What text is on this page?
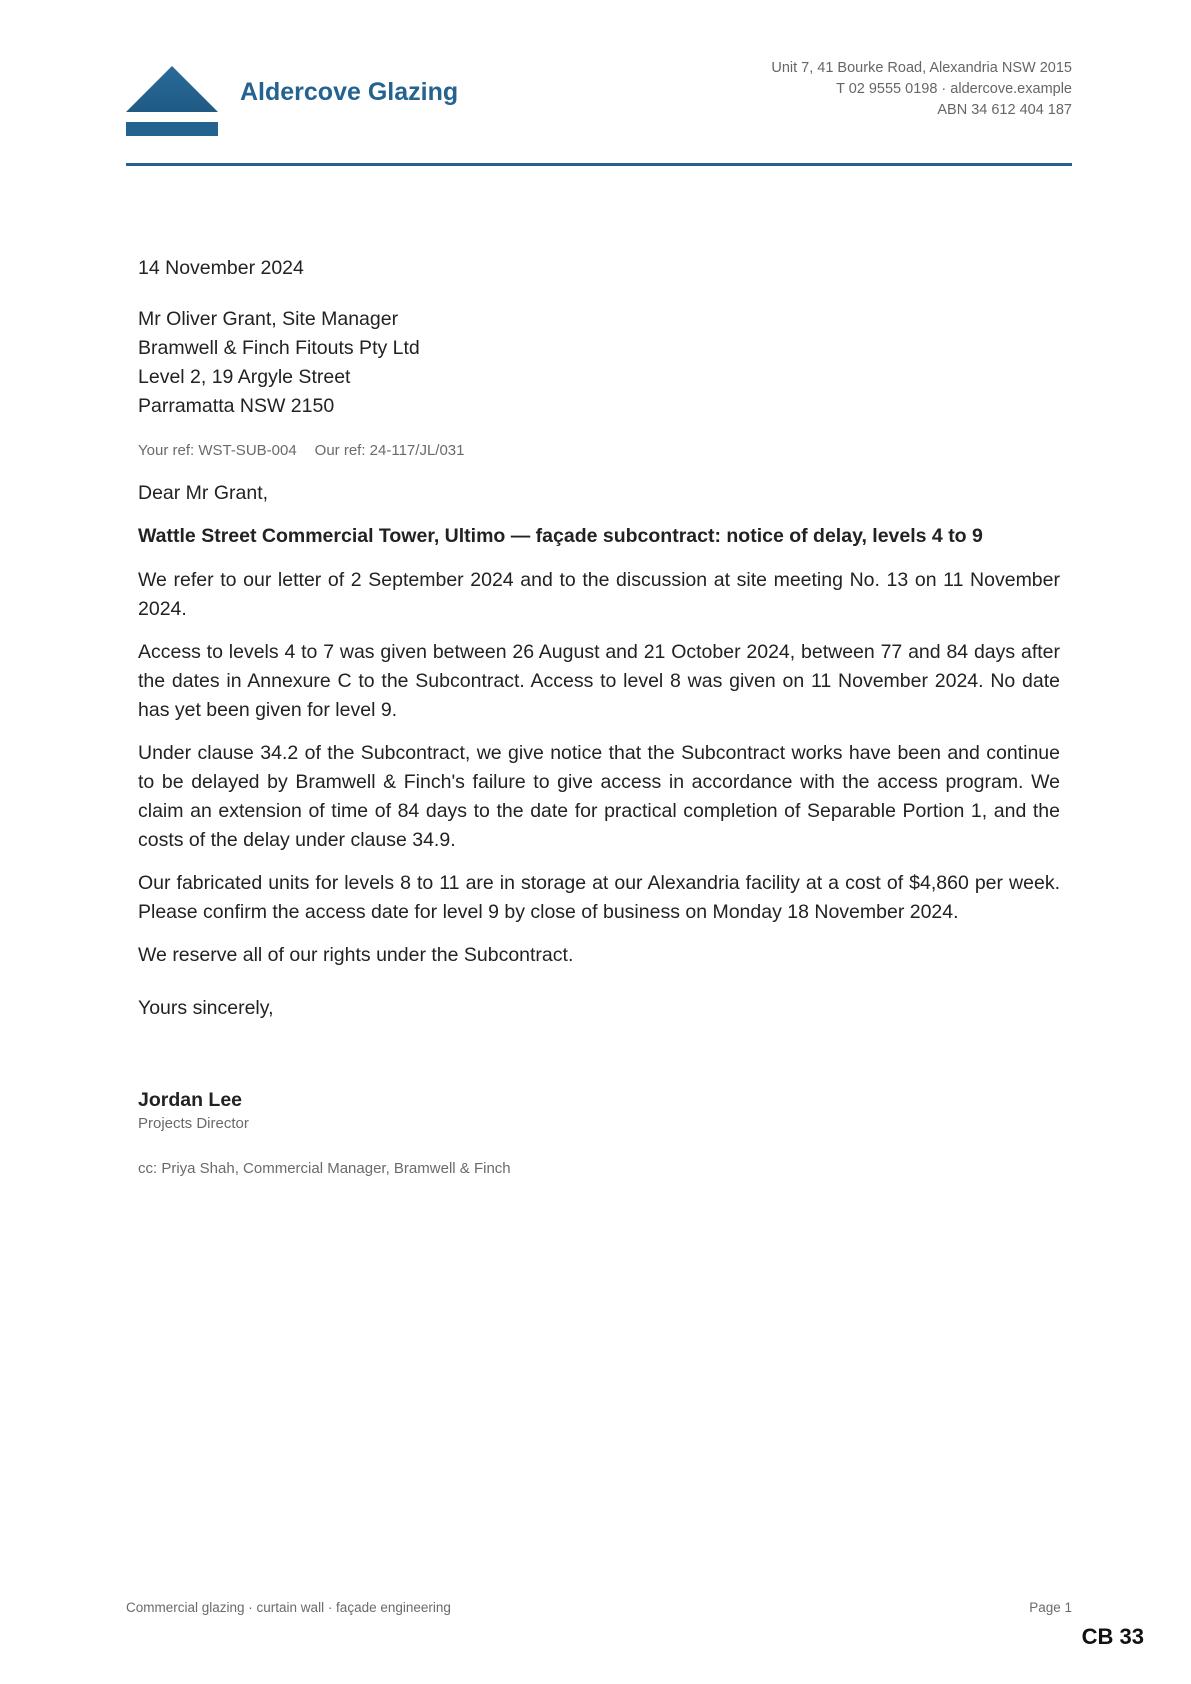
Aldercove Glazing
Unit 7, 41 Bourke Road, Alexandria NSW 2015
T 02 9555 0198 · aldercove.example
ABN 34 612 404 187

14 November 2024

Mr Oliver Grant, Site Manager
Bramwell & Finch Fitouts Pty Ltd
Level 2, 19 Argyle Street
Parramatta NSW 2150

Your ref: WST-SUB-004 Our ref: 24-117/JL/031

Dear Mr Grant,

Wattle Street Commercial Tower, Ultimo — façade subcontract: notice of delay, levels 4 to 9

We refer to our letter of 2 September 2024 and to the discussion at site meeting No. 13 on 11 November 2024.

Access to levels 4 to 7 was given between 26 August and 21 October 2024, between 77 and 84 days after the dates in Annexure C to the Subcontract. Access to level 8 was given on 11 November 2024. No date has yet been given for level 9.

Under clause 34.2 of the Subcontract, we give notice that the Subcontract works have been and continue to be delayed by Bramwell & Finch's failure to give access in accordance with the access program. We claim an extension of time of 84 days to the date for practical completion of Separable Portion 1, and the costs of the delay under clause 34.9.

Our fabricated units for levels 8 to 11 are in storage at our Alexandria facility at a cost of $4,860 per week. Please confirm the access date for level 9 by close of business on Monday 18 November 2024.

We reserve all of our rights under the Subcontract.

Yours sincerely,

Jordan Lee

Projects Director

cc: Priya Shah, Commercial Manager, Bramwell & Finch

Commercial glazing · curtain wall · façade engineering	Page 1
CB 33
